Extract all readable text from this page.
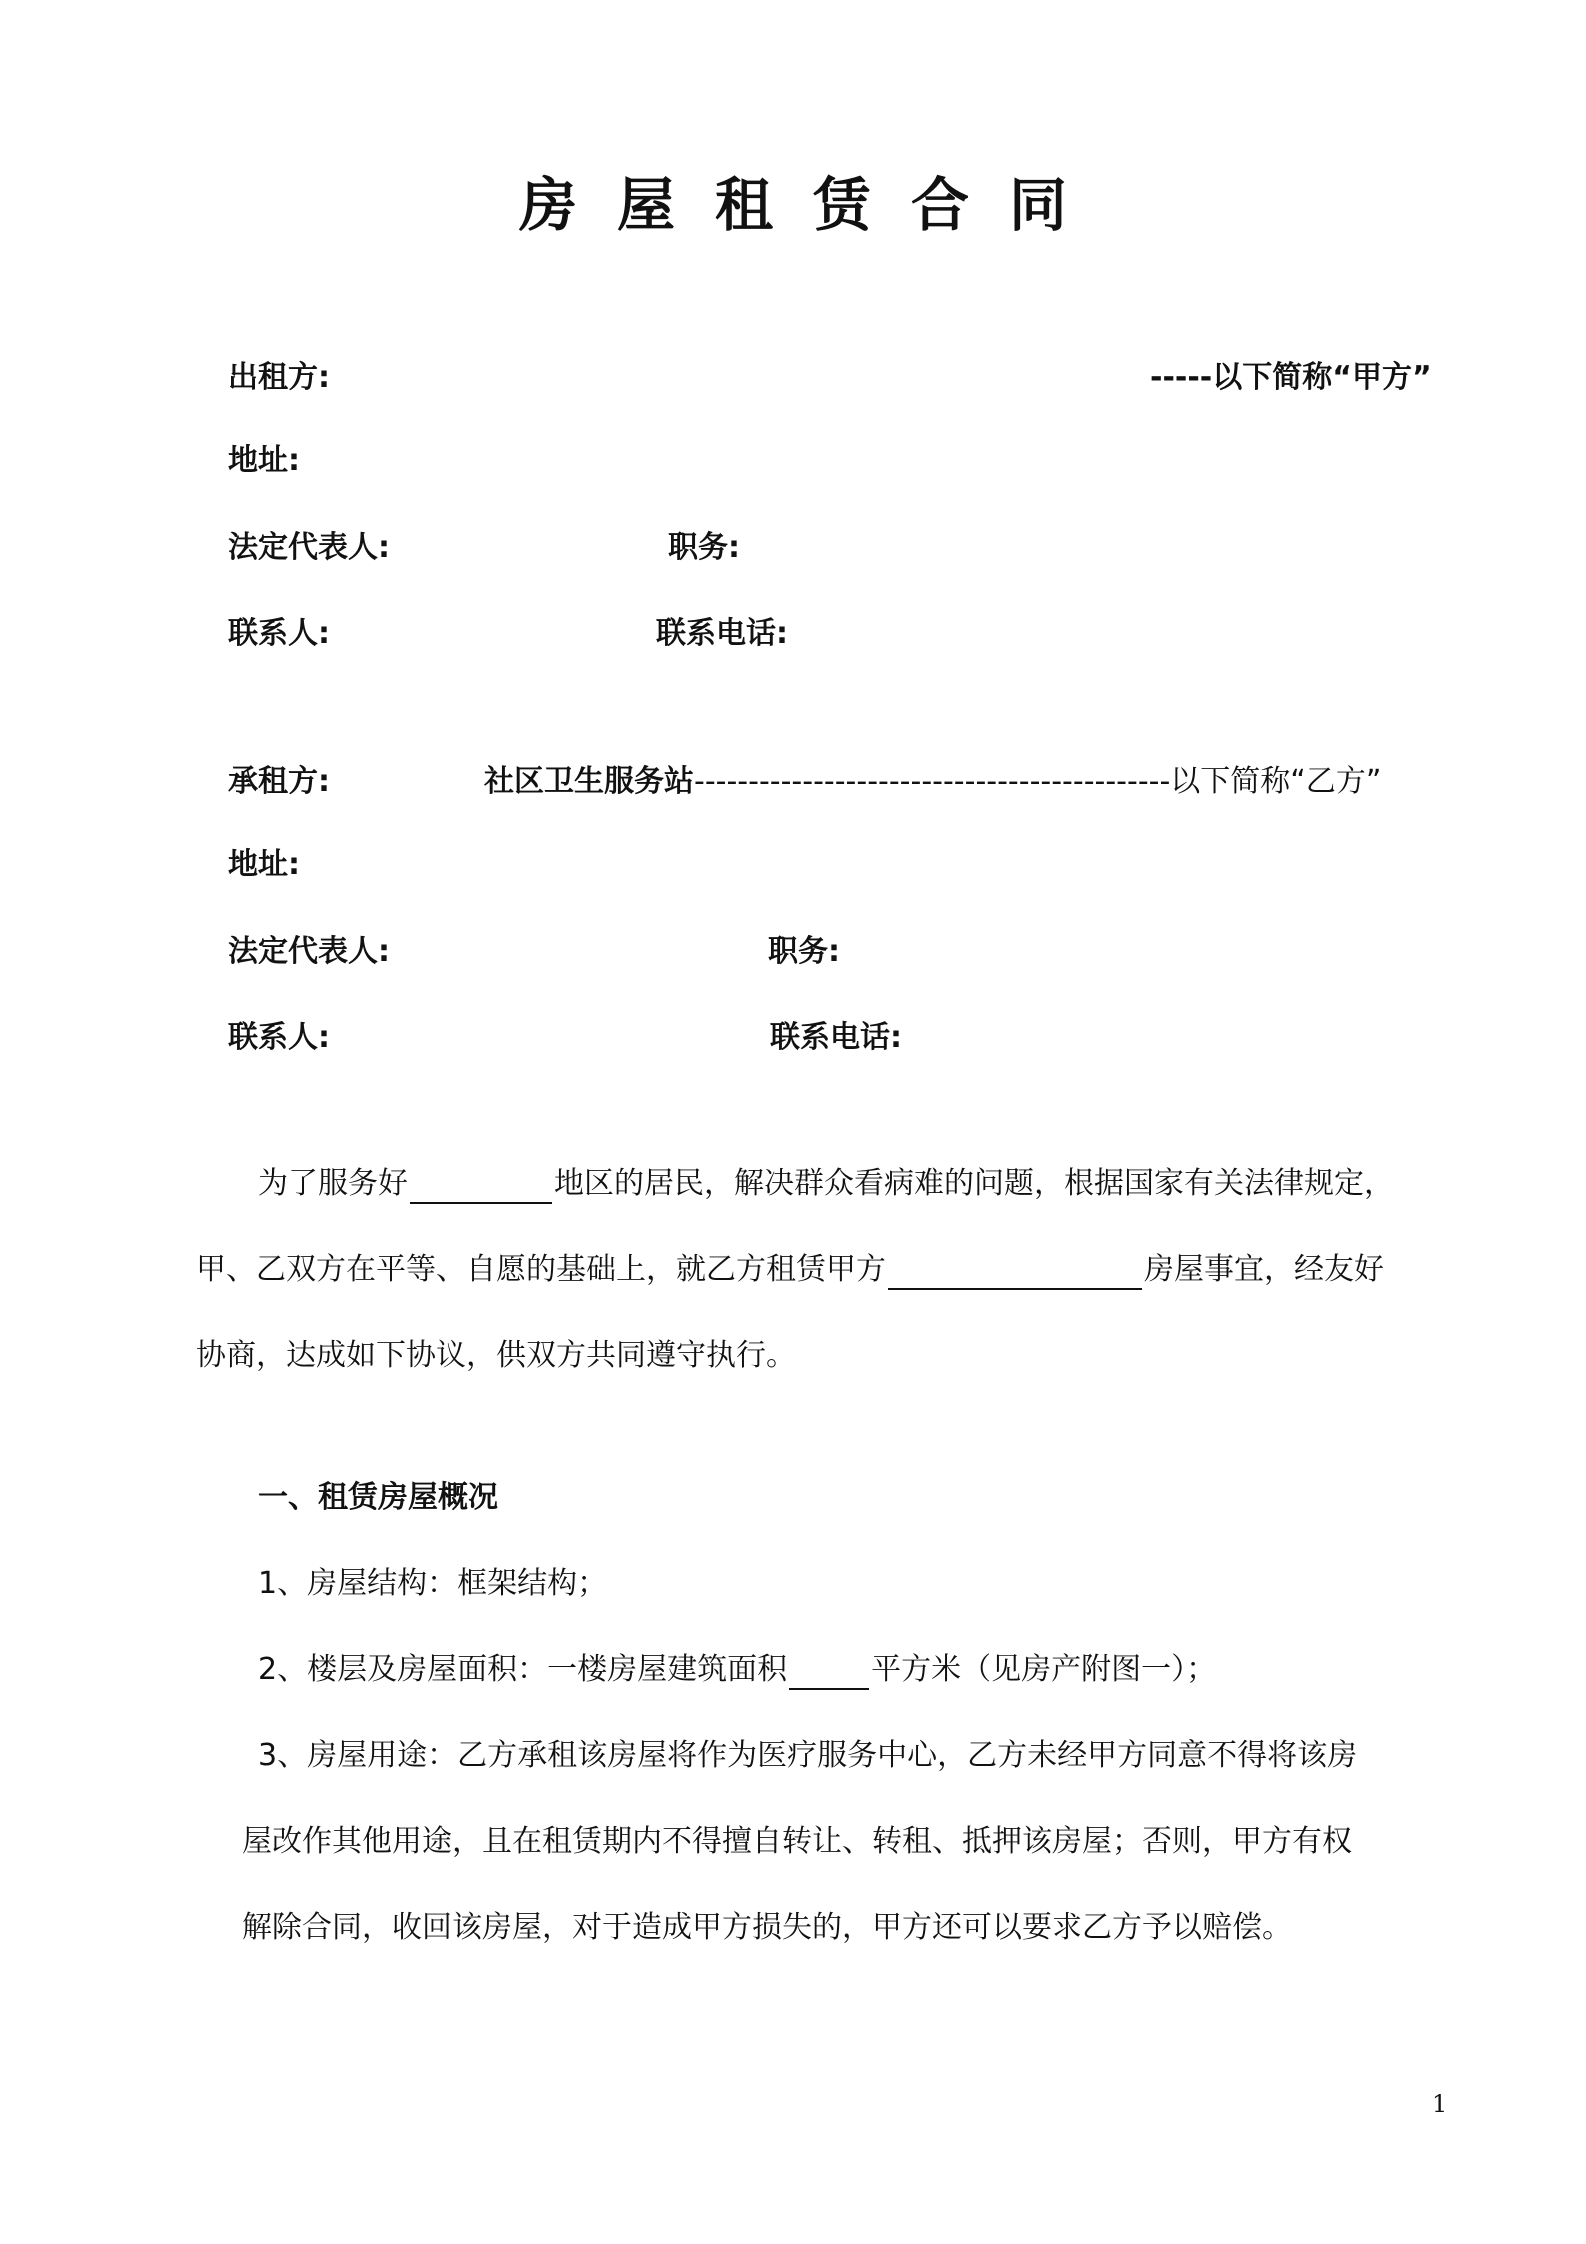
房屋租赁合同
出租方:	-----以下简称“甲方”
地址:
法定代表人:	职务:
联系人:	联系电话:
承租方:	社区卫生服务站--------------------------------------------以下简称“乙方”
地址:
法定代表人:	职务:
联系人:	联系电话:
为了服务好	地区的居民，解决群众看病难的问题，根据国家有关法律规定，
甲、乙双方在平等、自愿的基础上，就乙方租赁甲方	房屋事宜，经友好
协商，达成如下协议，供双方共同遵守执行。
一、租赁房屋概况
1、房屋结构：框架结构；
2、楼层及房屋面积：一楼房屋建筑面积	平方米（见房产附图一）；
3、房屋用途：乙方承租该房屋将作为医疗服务中心，乙方未经甲方同意不得将该房
屋改作其他用途，且在租赁期内不得擅自转让、转租、抵押该房屋；否则，甲方有权
解除合同，收回该房屋，对于造成甲方损失的，甲方还可以要求乙方予以赔偿。
1
